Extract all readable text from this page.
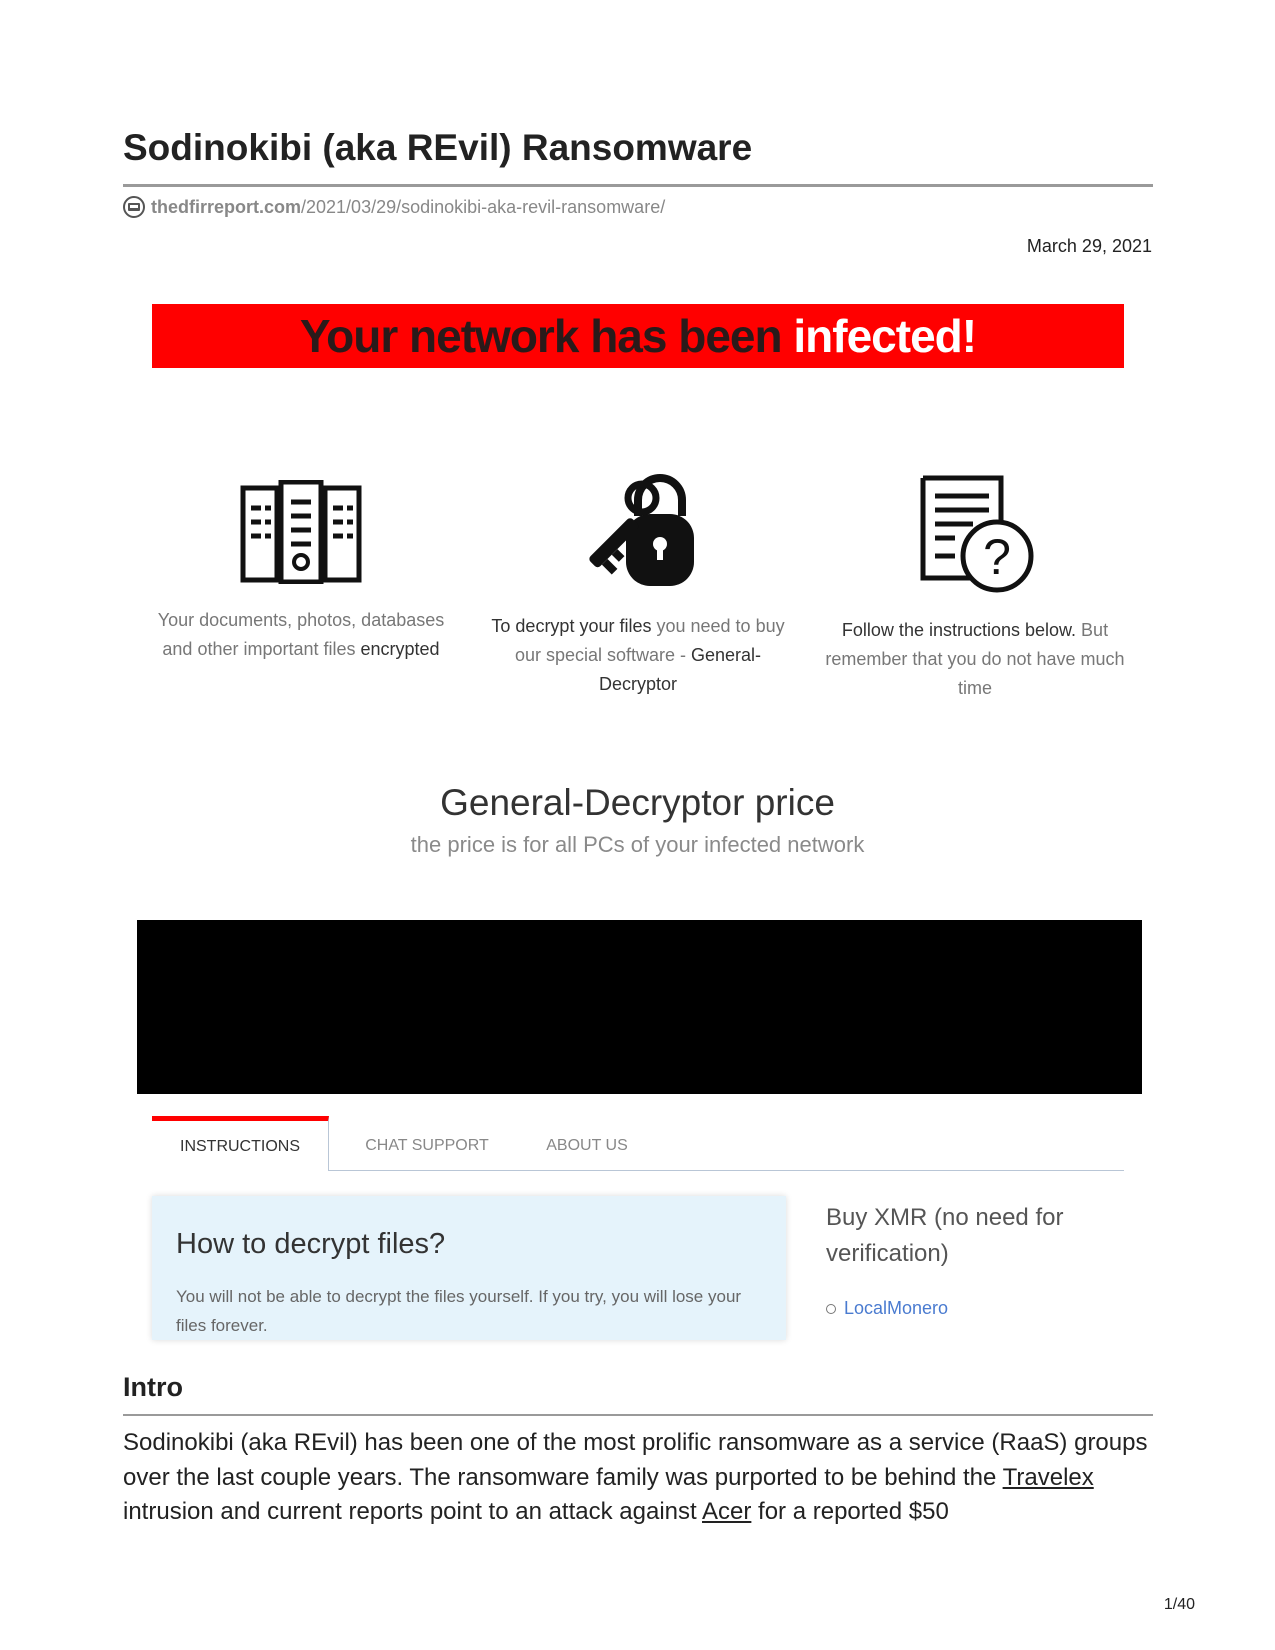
Sodinokibi (aka REvil) Ransomware
thedfirreport.com/2021/03/29/sodinokibi-aka-revil-ransomware/
March 29, 2021
Your network has been infected!

Your documents, photos, databases and other important files encrypted

To decrypt your files you need to buy our special software - General-Decryptor

?

Follow the instructions below. But remember that you do not have much time

General-Decryptor price
the price is for all PCs of your infected network
INSTRUCTIONS	CHAT SUPPORT	ABOUT US
How to decrypt files?

You will not be able to decrypt the files yourself. If you try, you will lose your files forever.

Buy XMR (no need for verification)
LocalMonero
Intro

Sodinokibi (aka REvil) has been one of the most prolific ransomware as a service (RaaS) groups over the last couple years. The ransomware family was purported to be behind the Travelex intrusion and current reports point to an attack against Acer for a reported $50

1/40
